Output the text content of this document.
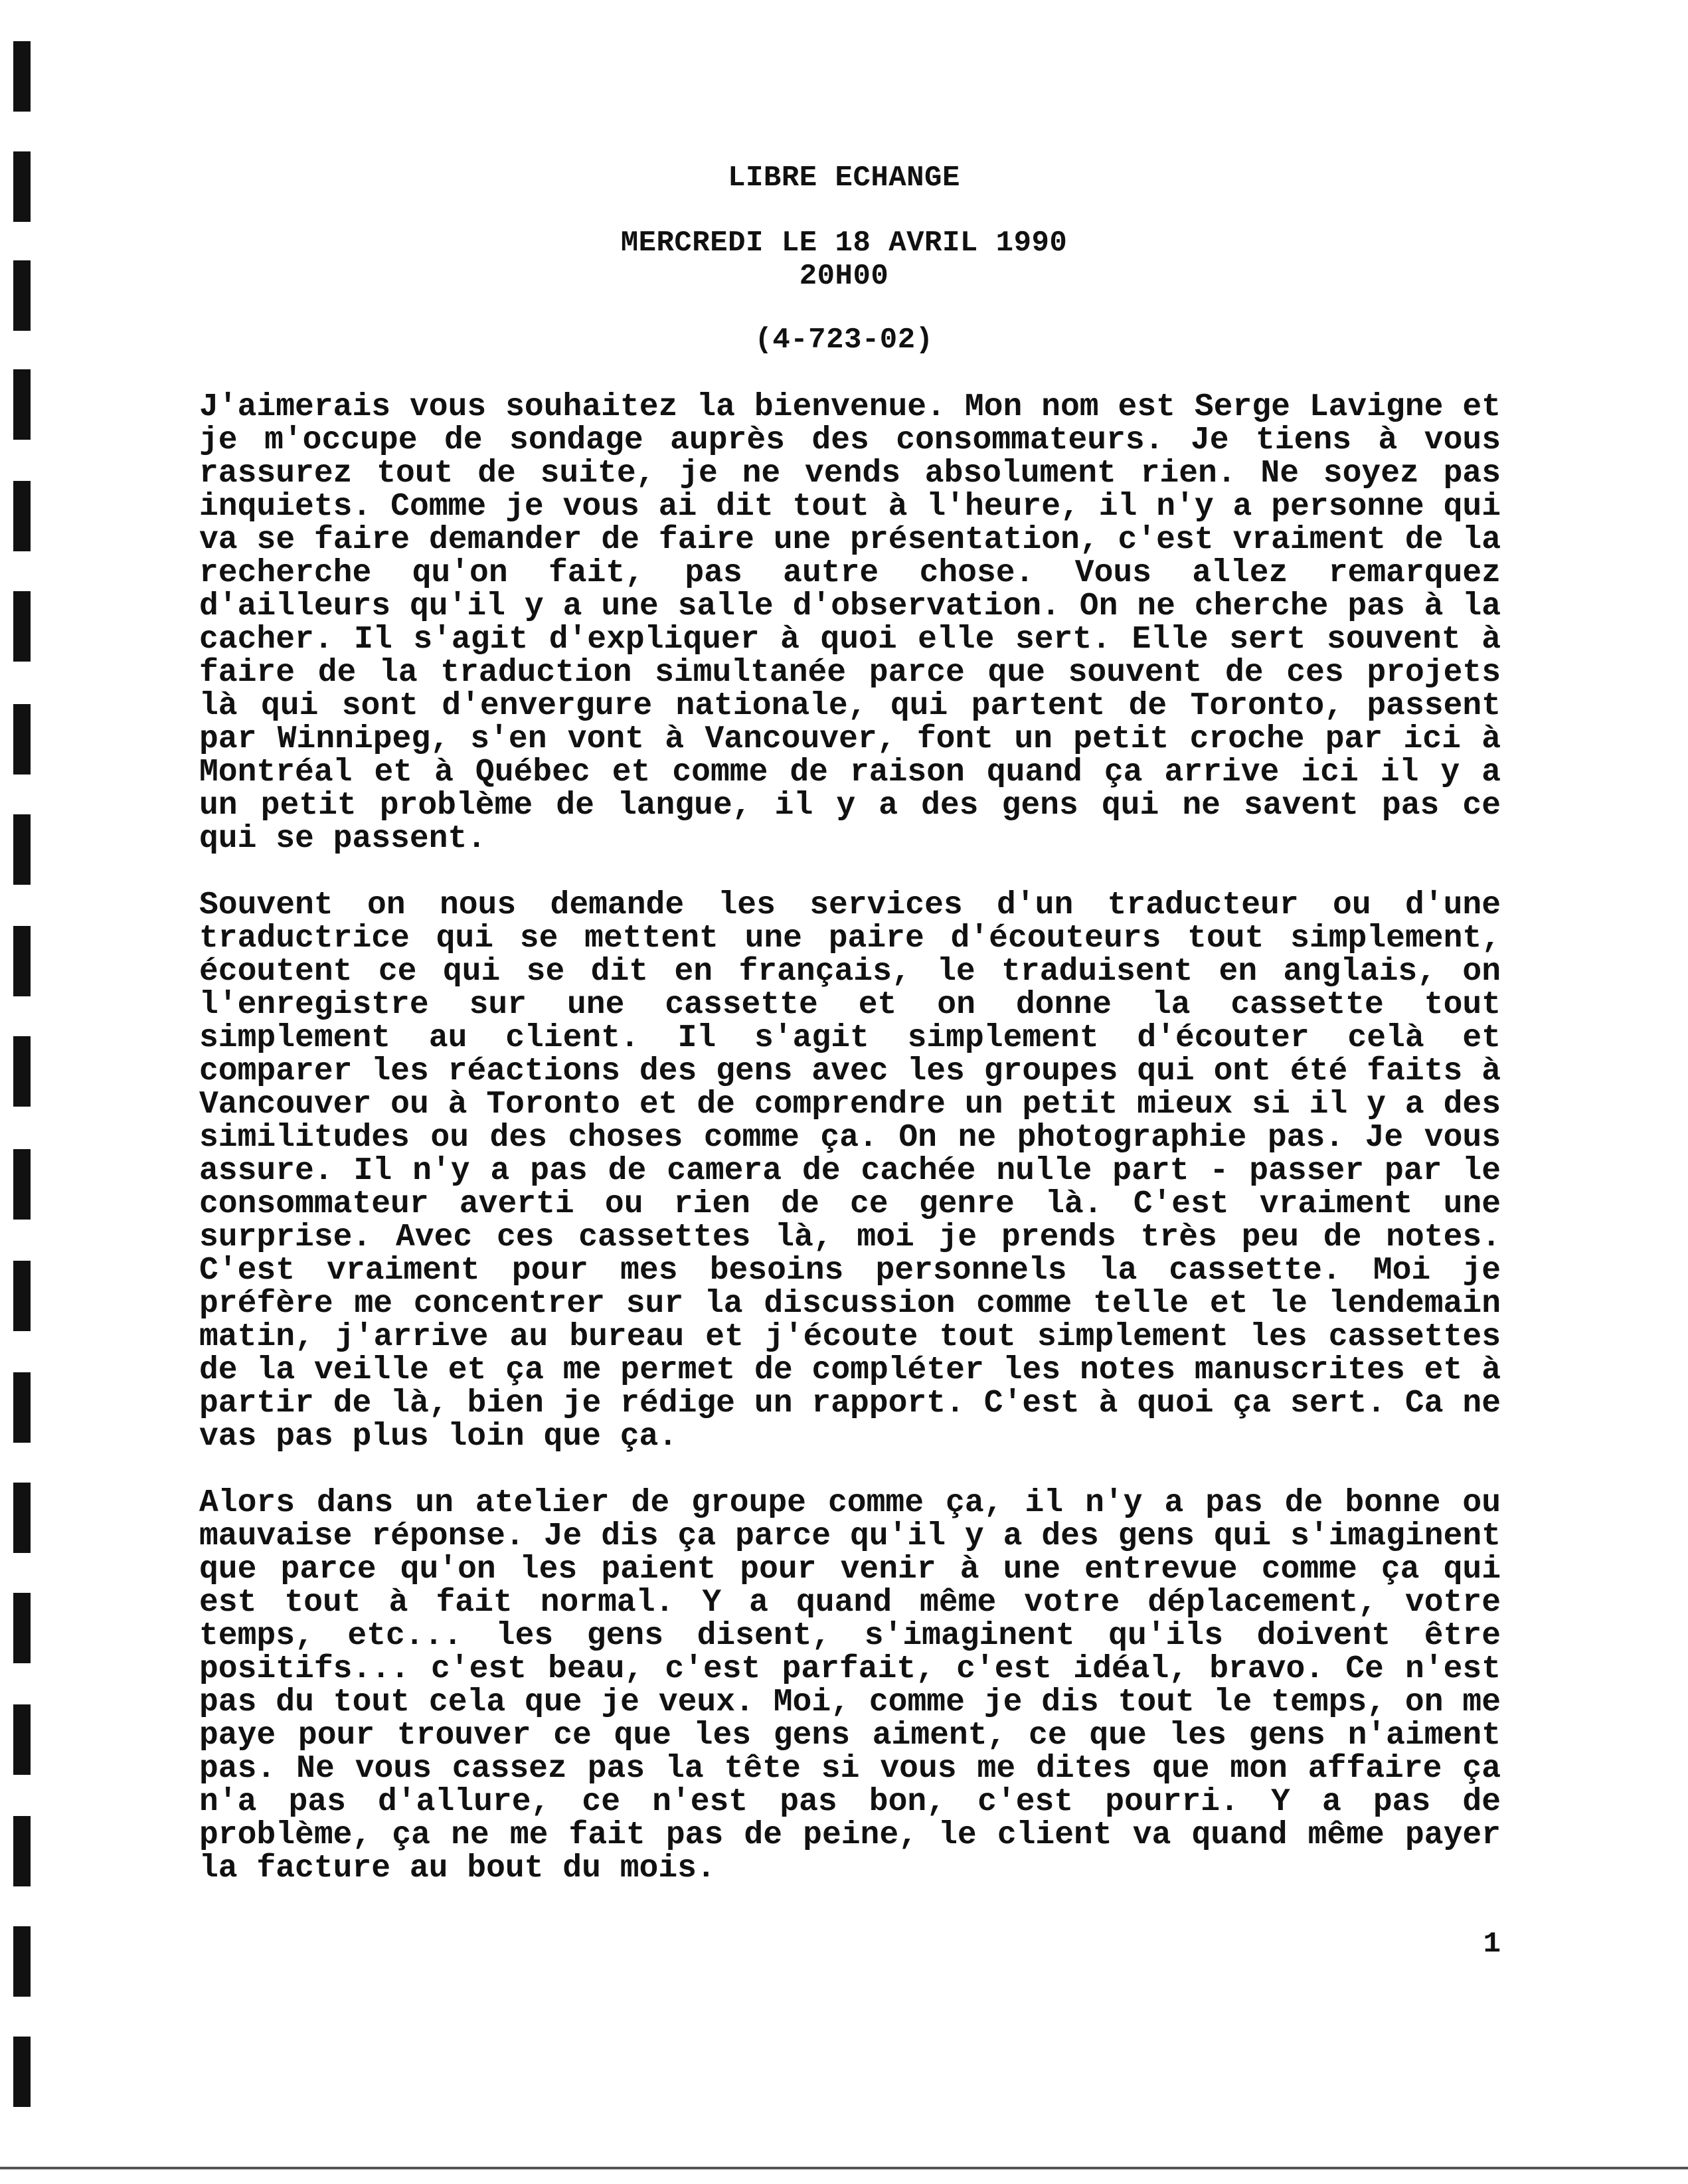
LIBRE ECHANGE
MERCREDI LE 18 AVRIL 1990
20H00
(4-723-02)

J'aimerais vous souhaitez la bienvenue. Mon nom est Serge Lavigne et je m'occupe de sondage auprès des consommateurs. Je tiens à vous rassurez tout de suite, je ne vends absolument rien. Ne soyez pas inquiets. Comme je vous ai dit tout à l'heure, il n'y a personne qui va se faire demander de faire une présentation, c'est vraiment de la recherche qu'on fait, pas autre chose. Vous allez remarquez d'ailleurs qu'il y a une salle d'observation. On ne cherche pas à la cacher. Il s'agit d'expliquer à quoi elle sert. Elle sert souvent à faire de la traduction simultanée parce que souvent de ces projets là qui sont d'envergure nationale, qui partent de Toronto, passent par Winnipeg, s'en vont à Vancouver, font un petit croche par ici à Montréal et à Québec et comme de raison quand ça arrive ici il y a un petit problème de langue, il y a des gens qui ne savent pas ce qui se passent.

Souvent on nous demande les services d'un traducteur ou d'une traductrice qui se mettent une paire d'écouteurs tout simplement, écoutent ce qui se dit en français, le traduisent en anglais, on l'enregistre sur une cassette et on donne la cassette tout simplement au client. Il s'agit simplement d'écouter celà et comparer les réactions des gens avec les groupes qui ont été faits à Vancouver ou à Toronto et de comprendre un petit mieux si il y a des similitudes ou des choses comme ça. On ne photographie pas. Je vous assure. Il n'y a pas de camera de cachée nulle part - passer par le consommateur averti ou rien de ce genre là. C'est vraiment une surprise. Avec ces cassettes là, moi je prends très peu de notes. C'est vraiment pour mes besoins personnels la cassette. Moi je préfère me concentrer sur la discussion comme telle et le lendemain matin, j'arrive au bureau et j'écoute tout simplement les cassettes de la veille et ça me permet de compléter les notes manuscrites et à partir de là, bien je rédige un rapport. C'est à quoi ça sert. Ca ne vas pas plus loin que ça.

Alors dans un atelier de groupe comme ça, il n'y a pas de bonne ou mauvaise réponse. Je dis ça parce qu'il y a des gens qui s'imaginent que parce qu'on les paient pour venir à une entrevue comme ça qui est tout à fait normal. Y a quand même votre déplacement, votre temps, etc... les gens disent, s'imaginent qu'ils doivent être positifs... c'est beau, c'est parfait, c'est idéal, bravo. Ce n'est pas du tout cela que je veux. Moi, comme je dis tout le temps, on me paye pour trouver ce que les gens aiment, ce que les gens n'aiment pas. Ne vous cassez pas la tête si vous me dites que mon affaire ça n'a pas d'allure, ce n'est pas bon, c'est pourri. Y a pas de problème, ça ne me fait pas de peine, le client va quand même payer la facture au bout du mois.

1
